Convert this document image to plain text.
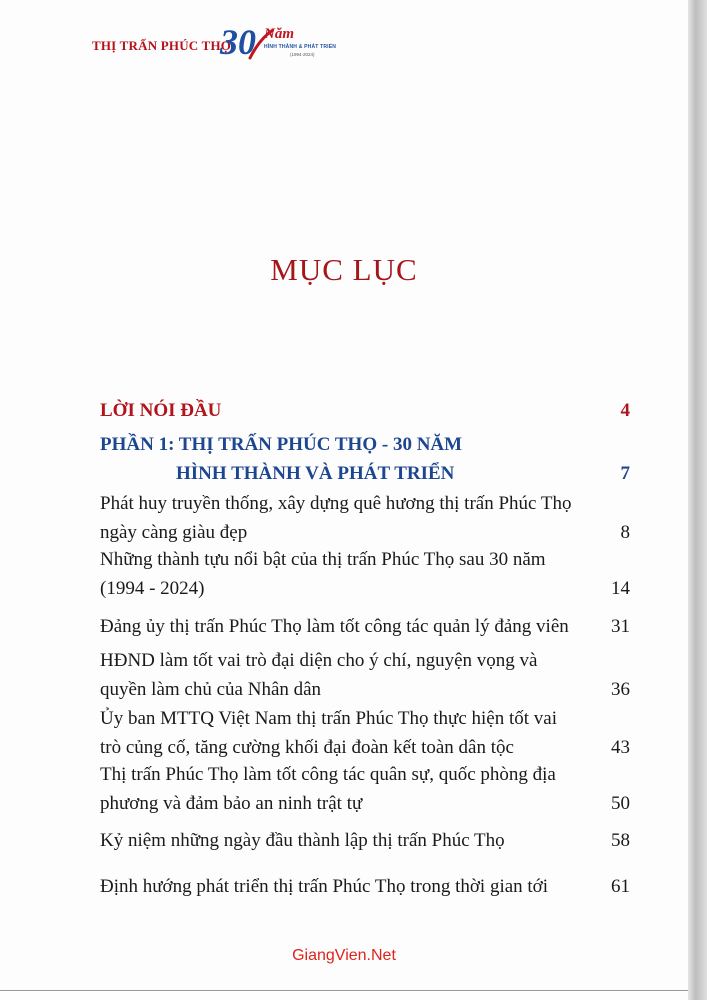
THỊ TRẤN PHÚC THỌ
30 Năm
HÌNH THÀNH & PHÁT TRIỂN
(1994-2024)
MỤC LỤC
LỜI NÓI ĐẦU	4
PHẦN 1: THỊ TRẤN PHÚC THỌ - 30 NĂM
HÌNH THÀNH VÀ PHÁT TRIỂN	7
Phát huy truyền thống, xây dựng quê hương thị trấn Phúc Thọ
ngày càng giàu đẹp	8
Những thành tựu nổi bật của thị trấn Phúc Thọ sau 30 năm
(1994 - 2024)	14
Đảng ủy thị trấn Phúc Thọ làm tốt công tác quản lý đảng viên	31
HĐND làm tốt vai trò đại diện cho ý chí, nguyện vọng và
quyền làm chủ của Nhân dân	36
Ủy ban MTTQ Việt Nam thị trấn Phúc Thọ thực hiện tốt vai
trò củng cố, tăng cường khối đại đoàn kết toàn dân tộc	43
Thị trấn Phúc Thọ làm tốt công tác quân sự, quốc phòng địa
phương và đảm bảo an ninh trật tự	50
Kỷ niệm những ngày đầu thành lập thị trấn Phúc Thọ	58
Định hướng phát triển thị trấn Phúc Thọ trong thời gian tới	61
GiangVien.Net
